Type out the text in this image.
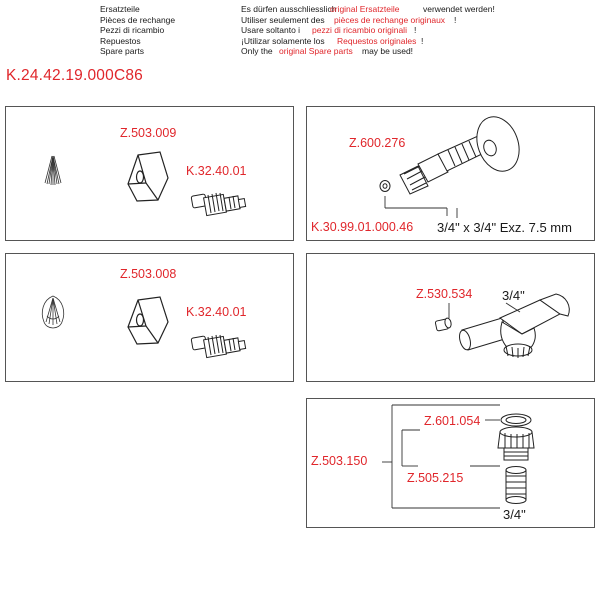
Ersatzteile
Pièces de rechange
Pezzi di ricambio
Repuestos
Spare parts
Es dürfen ausschliesslich
Utiliser seulement des
Usare soltanto i
¡Utilizar solamente los
Only the
original Ersatzteile
pièces de rechange originaux
pezzi di ricambio originali
Requestos originales
original Spare parts
verwendet werden!
!
!
!
may be used!
K.24.42.19.000C86
Z.503.009
K.32.40.01
Z.600.276
K.30.99.01.000.46 3/4" x 3/4" Exz. 7.5 mm
Z.503.008
K.32.40.01
Z.530.534 3/4"
Z.503.150
Z.601.054
Z.505.215
3/4"
